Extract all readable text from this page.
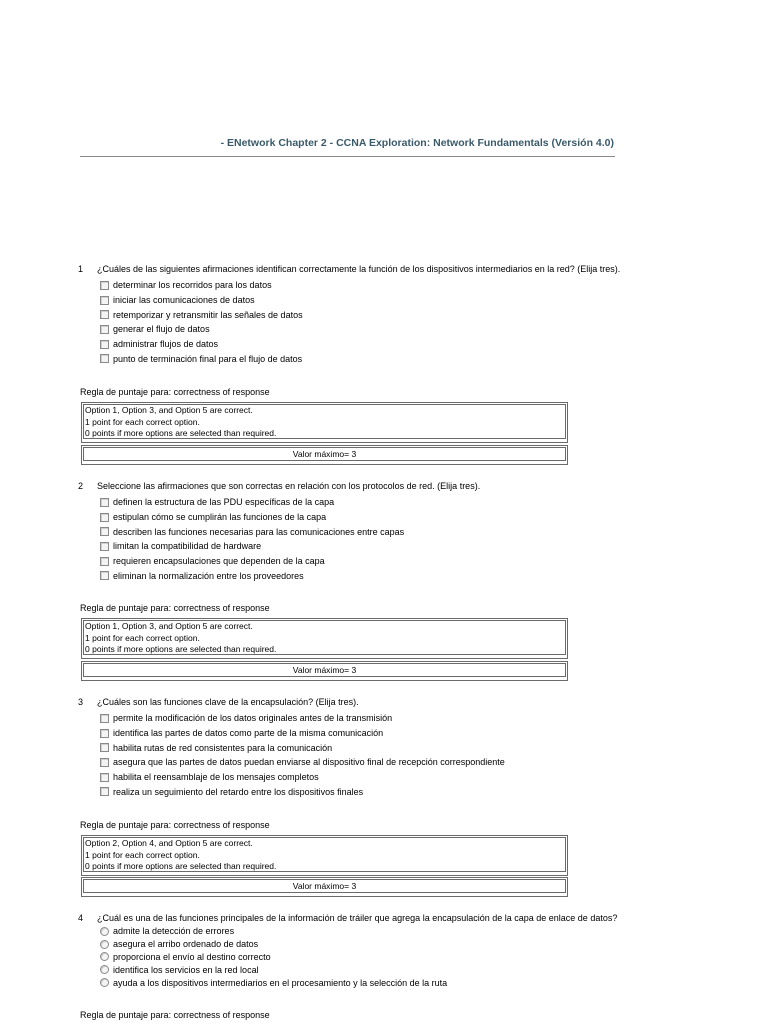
- ENetwork Chapter 2 - CCNA Exploration: Network Fundamentals (Versión 4.0)
1	¿Cuáles de las siguientes afirmaciones identifican correctamente la función de los dispositivos intermediarios en la red? (Elija tres).
determinar los recorridos para los datos
iniciar las comunicaciones de datos
retemporizar y retransmitir las señales de datos
generar el flujo de datos
administrar flujos de datos
punto de terminación final para el flujo de datos
Regla de puntaje para: correctness of response
Option 1, Option 3, and Option 5 are correct.
1 point for each correct option.
0 points if more options are selected than required.
Valor máximo= 3
2	Seleccione las afirmaciones que son correctas en relación con los protocolos de red. (Elija tres).
definen la estructura de las PDU específicas de la capa
estipulan cómo se cumplirán las funciones de la capa
describen las funciones necesarias para las comunicaciones entre capas
limitan la compatibilidad de hardware
requieren encapsulaciones que dependen de la capa
eliminan la normalización entre los proveedores
Regla de puntaje para: correctness of response
Option 1, Option 3, and Option 5 are correct.
1 point for each correct option.
0 points if more options are selected than required.
Valor máximo= 3
3	¿Cuáles son las funciones clave de la encapsulación? (Elija tres).
permite la modificación de los datos originales antes de la transmisión
identifica las partes de datos como parte de la misma comunicación
habilita rutas de red consistentes para la comunicación
asegura que las partes de datos puedan enviarse al dispositivo final de recepción correspondiente
habilita el reensamblaje de los mensajes completos
realiza un seguimiento del retardo entre los dispositivos finales
Regla de puntaje para: correctness of response
Option 2, Option 4, and Option 5 are correct.
1 point for each correct option.
0 points if more options are selected than required.
Valor máximo= 3
4	¿Cuál es una de las funciones principales de la información de tráiler que agrega la encapsulación de la capa de enlace de datos?
admite la detección de errores
asegura el arribo ordenado de datos
proporciona el envío al destino correcto
identifica los servicios en la red local
ayuda a los dispositivos intermediarios en el procesamiento y la selección de la ruta
Regla de puntaje para: correctness of response
